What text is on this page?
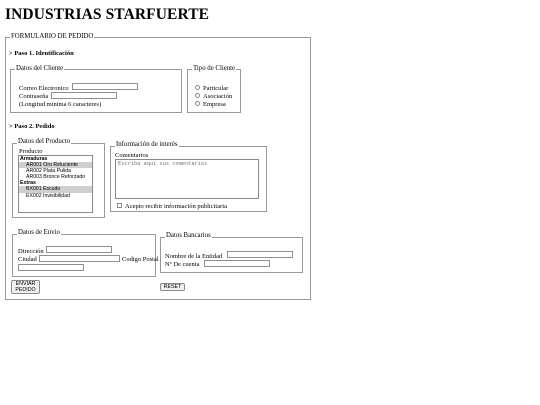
INDUSTRIAS STARFUERTE
FORMULARIO DE PEDIDO
> Paso 1. Identificación
Datos del Cliente
Correo Electronico
Contraseña
(Longitud minima 6 caracteres)
Tipo de Cliente
Particular
Asociación
Empresa
> Paso 2. Pedido
Datos del Producto
Producto
Armaduras
AR001 Oro Reluciente
AR002 Plata Pulida
AR003 Bronce Reforzado
Extras
BX001 Escudo
EX002 Invisibilidad
Información de interés
Comentarios
Escriba aquí sus comentarios
Acepto recibir información publicitaria
Datos de Envio
Dirección
Ciudad	Codigo Postal
Datos Bancarios
Nombre de la Entidad
Nº De cuenta
ENVIAR
PEDIDO	RESET
